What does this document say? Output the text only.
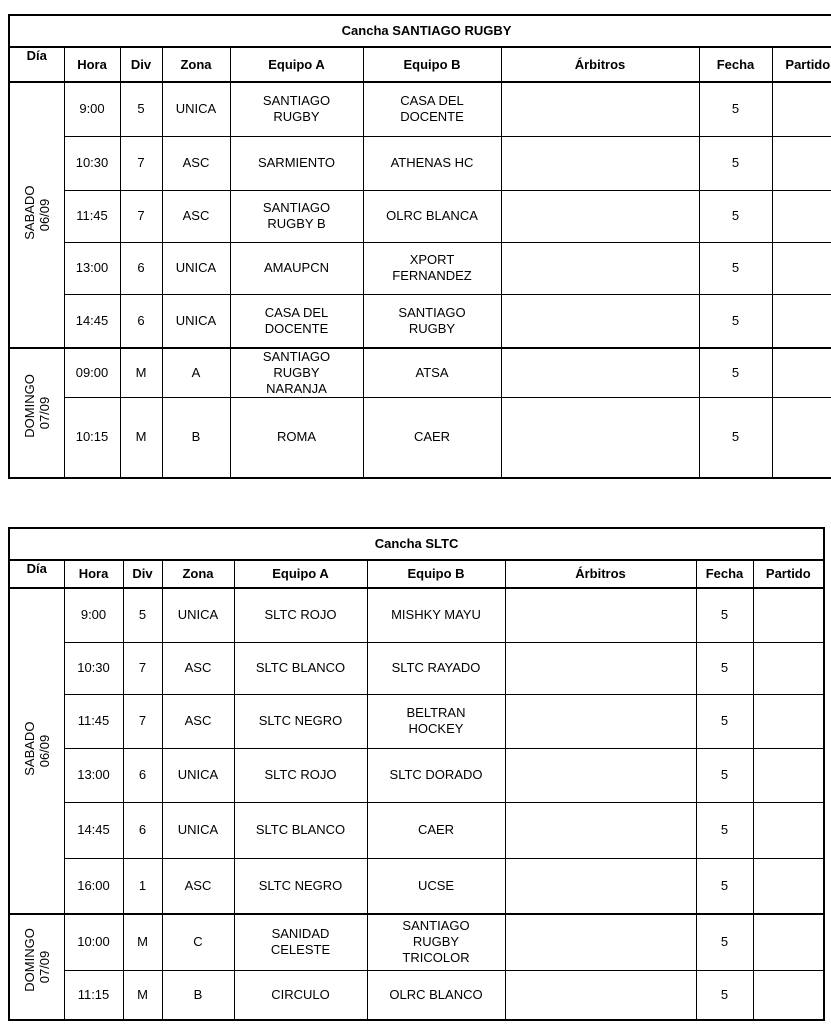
Cancha SANTIAGO RUGBY								
Día	Hora	Div	Zona	Equipo A	Equipo B	Árbitros	Fecha	Partido

SABADO
06/09	9:00	5	UNICA	SANTIAGO RUGBY	CASA DEL DOCENTE		5	
	10:30	7	ASC	SARMIENTO	ATHENAS HC		5	
	11:45	7	ASC	SANTIAGO RUGBY B	OLRC BLANCA		5	
	13:00	6	UNICA	AMAUPCN	XPORT FERNANDEZ		5	
	14:45	6	UNICA	CASA DEL DOCENTE	SANTIAGO RUGBY		5	

DOMINGO
07/09	09:00	M	A	SANTIAGO RUGBY NARANJA	ATSA		5	
	10:15	M	B	ROMA	CAER		5	
Cancha SLTC								
Día	Hora	Div	Zona	Equipo A	Equipo B	Árbitros	Fecha	Partido

SABADO
06/09	9:00	5	UNICA	SLTC ROJO	MISHKY MAYU		5	
	10:30	7	ASC	SLTC BLANCO	SLTC RAYADO		5	
	11:45	7	ASC	SLTC NEGRO	BELTRAN HOCKEY		5	
	13:00	6	UNICA	SLTC ROJO	SLTC DORADO		5	
	14:45	6	UNICA	SLTC BLANCO	CAER		5	
	16:00	1	ASC	SLTC NEGRO	UCSE		5	

DOMINGO
07/09	10:00	M	C	SANIDAD CELESTE	SANTIAGO RUGBY TRICOLOR		5	
	11:15	M	B	CIRCULO	OLRC BLANCO		5	
